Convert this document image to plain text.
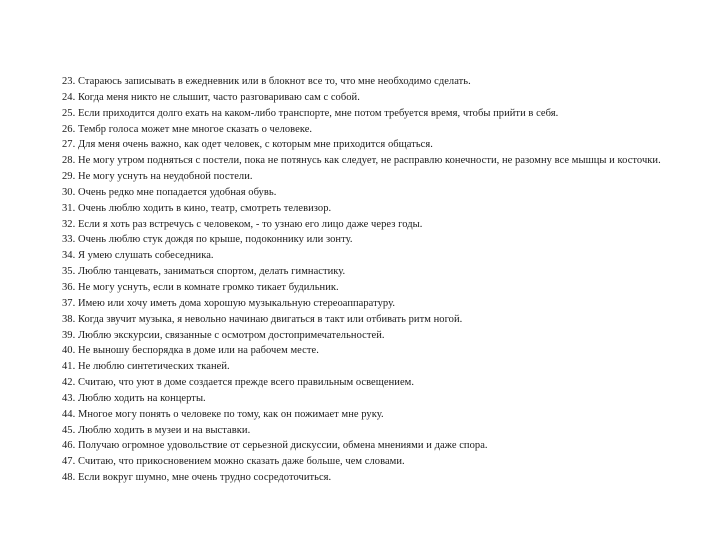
23. Стараюсь записывать в ежедневник или в блокнот все то, что мне необходимо сделать.
24. Когда меня никто не слышит, часто разговариваю сам с собой.
25. Если приходится долго ехать на каком-либо транспорте, мне потом требуется время, чтобы прийти в себя.
26. Тембр голоса может мне многое сказать о человеке.
27. Для меня очень важно, как одет человек, с которым мне приходится общаться.
28. Не могу утром подняться с постели, пока не потянусь как следует, не расправлю конечности, не разомну все мышцы и косточки.
29. Не могу уснуть на неудобной постели.
30. Очень редко мне попадается удобная обувь.
31. Очень люблю ходить в кино, театр, смотреть телевизор.
32. Если я хоть раз встречусь с человеком, - то узнаю его лицо даже через годы.
33. Очень люблю стук дождя по крыше, подоконнику или зонту.
34. Я умею слушать собеседника.
35. Люблю танцевать, заниматься спортом, делать гимнастику.
36. Не могу уснуть, если в комнате громко тикает будильник.
37. Имею или хочу иметь дома хорошую музыкальную стереоаппаратуру.
38. Когда звучит музыка, я невольно начинаю двигаться в такт или отбивать ритм ногой.
39. Люблю экскурсии, связанные с осмотром достопримечательностей.
40. Не выношу беспорядка в доме или на рабочем месте.
41. Не люблю синтетических тканей.
42. Считаю, что уют в доме создается прежде всего правильным освещением.
43. Люблю ходить на концерты.
44. Многое могу понять о человеке по тому, как он пожимает мне руку.
45. Люблю ходить в музеи и на выставки.
46. Получаю огромное удовольствие от серьезной дискуссии, обмена мнениями и даже спора.
47. Считаю, что прикосновением можно сказать даже больше, чем словами.
48. Если вокруг шумно, мне очень трудно сосредоточиться.
